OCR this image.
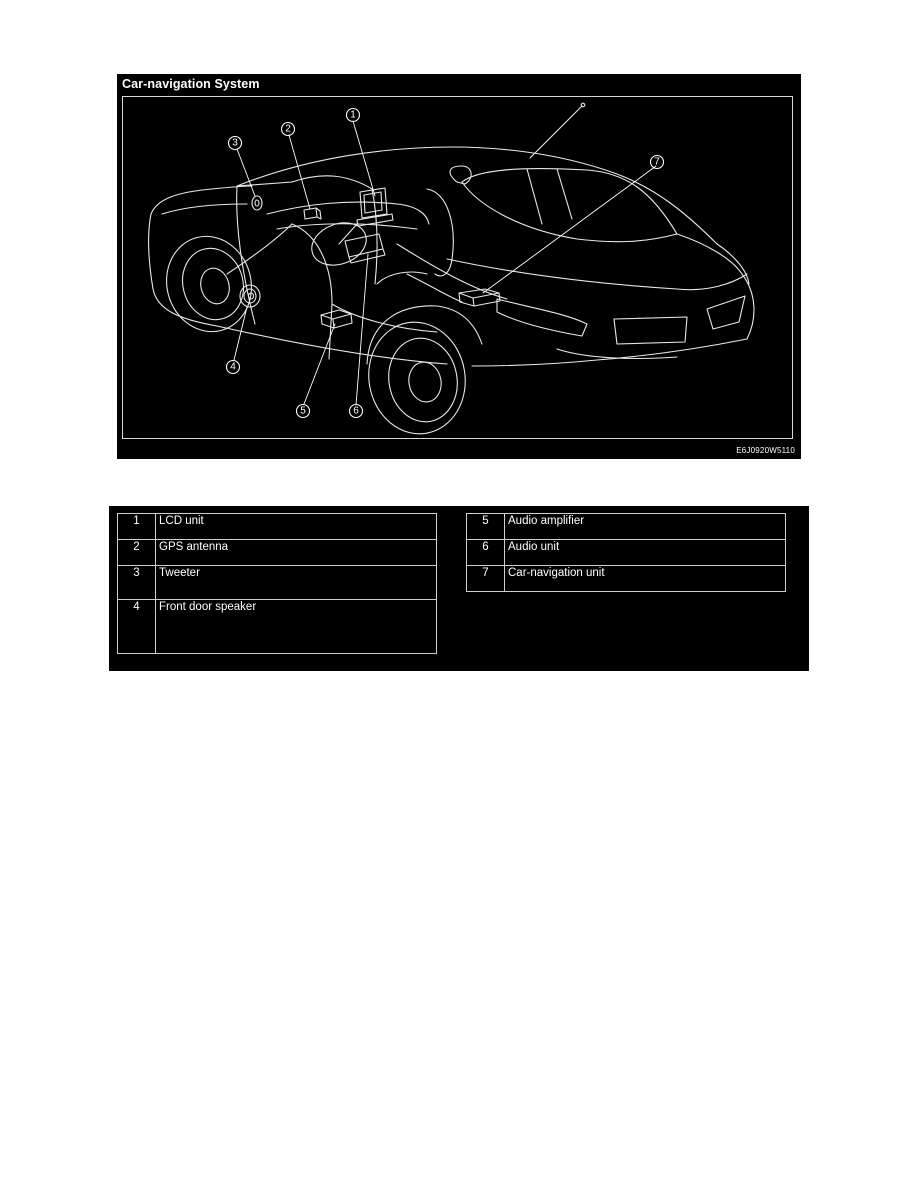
Car-navigation System
1
2
3
4
5	6
7
E6J0920W5110
1	LCD unit
2	GPS antenna
3	Tweeter
4	Front door speaker
5	Audio amplifier
6	Audio unit
7	Car-navigation unit
